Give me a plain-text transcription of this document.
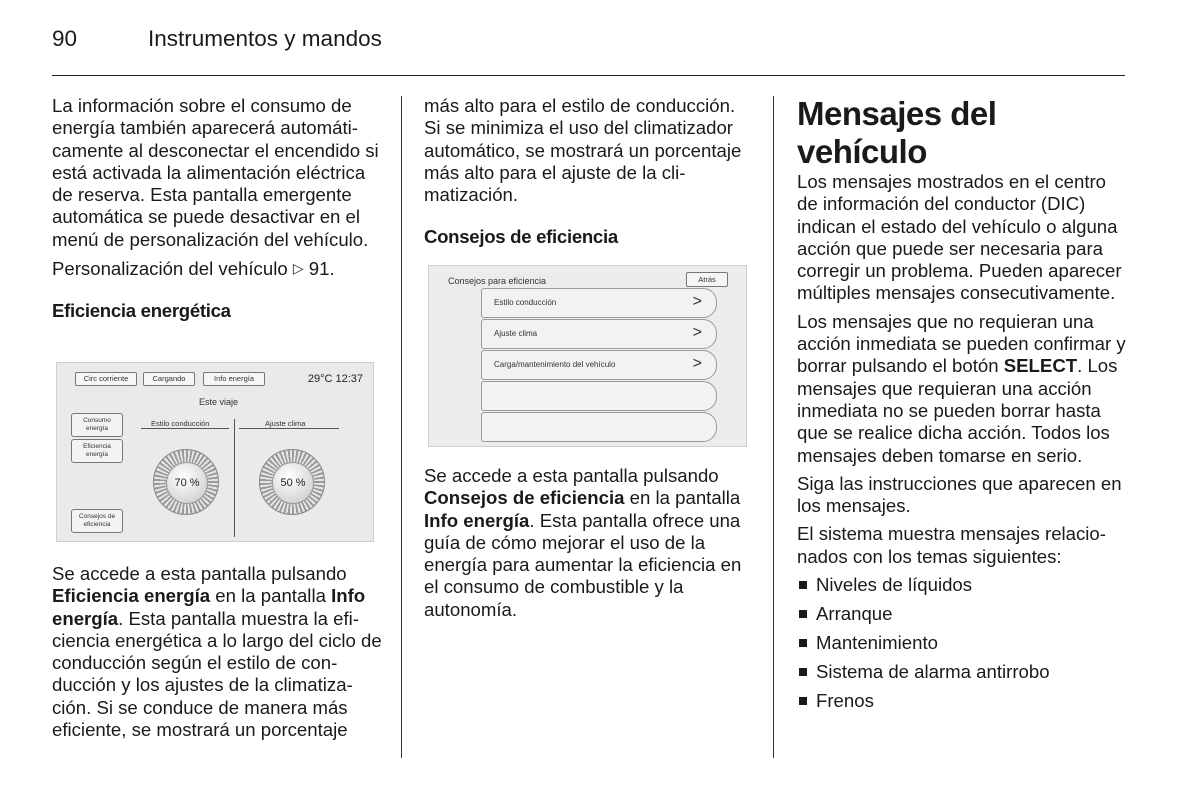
90	Instrumentos y mandos

La información sobre el consumo de energía también aparecerá automáticamente al desconectar el encendido si está activada la alimentación eléctrica de reserva. Esta pantalla emergente automática se puede desactivar en el menú de personalización del vehículo.

Personalización del vehículo ▷ 91.

Eficiencia energética

Circ corriente	Cargando	Info energía	29°C 12:37
Este viaje
Consumo energía
Eficiencia energía
Consejos de eficiencia
Estilo conducción	Ajuste clima
70 %	50 %

Se accede a esta pantalla pulsando Eficiencia energía en la pantalla Info energía. Esta pantalla muestra la eficiencia energética a lo largo del ciclo de conducción según el estilo de conducción y los ajustes de la climatización. Si se conduce de manera más eficiente, se mostrará un porcentaje

más alto para el estilo de conducción. Si se minimiza el uso del climatizador automático, se mostrará un porcentaje más alto para el ajuste de la climatización.

Consejos de eficiencia

Consejos para eficiencia	Atrás
Estilo conducción	>
Ajuste clima	>
Carga/mantenimiento del vehículo	>

Se accede a esta pantalla pulsando Consejos de eficiencia en la pantalla Info energía. Esta pantalla ofrece una guía de cómo mejorar el uso de la energía para aumentar la eficiencia en el consumo de combustible y la autonomía.

Mensajes del vehículo

Los mensajes mostrados en el centro de información del conductor (DIC) indican el estado del vehículo o alguna acción que puede ser necesaria para corregir un problema. Pueden aparecer múltiples mensajes consecutivamente.

Los mensajes que no requieran una acción inmediata se pueden confirmar y borrar pulsando el botón SELECT. Los mensajes que requieran una acción inmediata no se pueden borrar hasta que se realice dicha acción. Todos los mensajes deben tomarse en serio.

Siga las instrucciones que aparecen en los mensajes.

El sistema muestra mensajes relacionados con los temas siguientes:

Niveles de líquidos
Arranque
Mantenimiento
Sistema de alarma antirrobo
Frenos
